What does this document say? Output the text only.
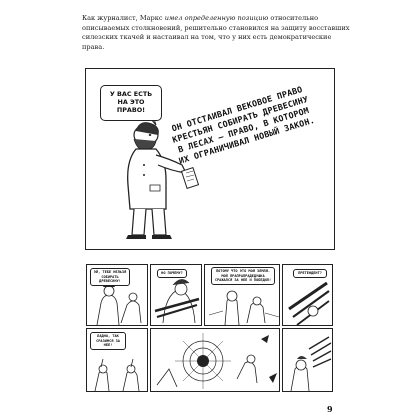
Как журналист, Маркс имел определенную позицию относительно описываемых столкновений, решительно становился на защиту восставших силезских ткачей и настаивал на том, что у них есть демократические права.

У ВАС ЕСТЬ НА ЭТО ПРАВО!	ОН ОТСТАИВАЛ ВЕКОВОЕ ПРАВО КРЕСТЬЯН СОБИРАТЬ ДРЕВЕСИНУ В ЛЕСАХ — ПРАВО, В КОТОРОМ ИХ ОГРАНИЧИВАЛ НОВЫЙ ЗАКОН.
ЭЙ, ТЕБЕ НЕЛЬЗЯ СОБИРАТЬ ДРЕВЕСИНУ!
НО ПОЧЕМУ?	ПОТОМУ ЧТО ЭТО МОЯ ЗЕМЛЯ. МОЙ ПРАПРАПРАДЕДУШКА СРАЖАЛСЯ ЗА НЕЕ И ПОБЕДИЛ!
ПРЕТЕНДЕНТ?
ЛАДНО, ТАК СРАЗИМСЯ ЗА НЕЕ!
9
